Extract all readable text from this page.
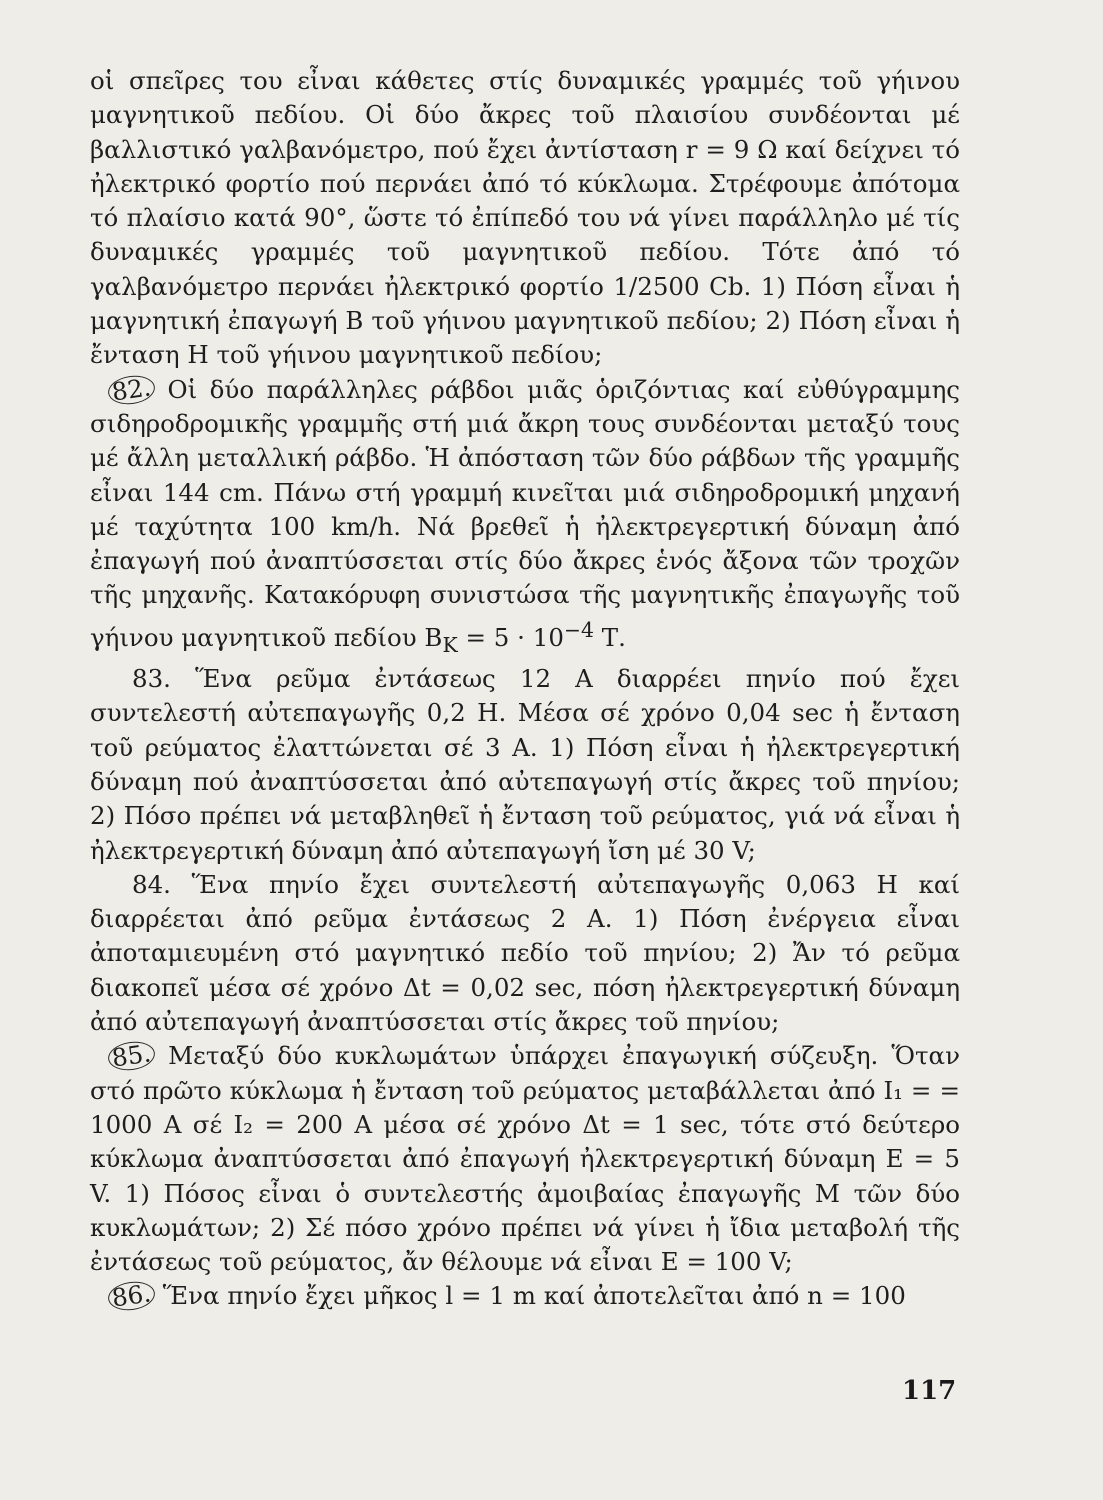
οἱ σπεῖρες του εἶναι κάθετες στίς δυναμικές γραμμές τοῦ γήινου μαγνητικοῦ πεδίου. Οἱ δύο ἄκρες τοῦ πλαισίου συνδέονται μέ βαλλιστικό γαλβανόμετρο, πού ἔχει ἀντίσταση r = 9 Ω καί δείχνει τό ἠλεκτρικό φορτίο πού περνάει ἀπό τό κύκλωμα. Στρέφουμε ἀπότομα τό πλαίσιο κατά 90°, ὥστε τό ἐπίπεδό του νά γίνει παράλληλο μέ τίς δυναμικές γραμμές τοῦ μαγνητικοῦ πεδίου. Τότε ἀπό τό γαλβανόμετρο περνάει ἠλεκτρικό φορτίο 1/2500 Cb. 1) Πόση εἶναι ἡ μαγνητική ἐπαγωγή Β τοῦ γήινου μαγνητικοῦ πεδίου; 2) Πόση εἶναι ἡ ἔνταση Η τοῦ γήινου μαγνητικοῦ πεδίου;

82. Οἱ δύο παράλληλες ράβδοι μιᾶς ὁριζόντιας καί εὐθύγραμμης σιδηροδρομικῆς γραμμῆς στή μιά ἄκρη τους συνδέονται μεταξύ τους μέ ἄλλη μεταλλική ράβδο. Ἡ ἀπόσταση τῶν δύο ράβδων τῆς γραμμῆς εἶναι 144 cm. Πάνω στή γραμμή κινεῖται μιά σιδηροδρομική μηχανή μέ ταχύτητα 100 km/h. Νά βρεθεῖ ἡ ἠλεκτρεγερτική δύναμη ἀπό ἐπαγωγή πού ἀναπτύσσεται στίς δύο ἄκρες ἑνός ἄξονα τῶν τροχῶν τῆς μηχανῆς. Κατακόρυφη συνιστώσα τῆς μαγνητικῆς ἐπαγωγῆς τοῦ γήινου μαγνητικοῦ πεδίου $B_K = 5 \cdot 10^{-4}$ Τ.

83. Ἕνα ρεῦμα ἐντάσεως 12 Α διαρρέει πηνίο πού ἔχει συντελεστή αὐτεπαγωγῆς 0,2 Η. Μέσα σέ χρόνο 0,04 sec ἡ ἔνταση τοῦ ρεύματος ἐλαττώνεται σέ 3 Α. 1) Πόση εἶναι ἡ ἠλεκτρεγερτική δύναμη πού ἀναπτύσσεται ἀπό αὐτεπαγωγή στίς ἄκρες τοῦ πηνίου; 2) Πόσο πρέπει νά μεταβληθεῖ ἡ ἔνταση τοῦ ρεύματος, γιά νά εἶναι ἡ ἠλεκτρεγερτική δύναμη ἀπό αὐτεπαγωγή ἴση μέ 30 V;

84. Ἕνα πηνίο ἔχει συντελεστή αὐτεπαγωγῆς 0,063 Η καί διαρρέεται ἀπό ρεῦμα ἐντάσεως 2 Α. 1) Πόση ἐνέργεια εἶναι ἀποταμιευμένη στό μαγνητικό πεδίο τοῦ πηνίου; 2) Ἄν τό ρεῦμα διακοπεῖ μέσα σέ χρόνο Δt = 0,02 sec, πόση ἠλεκτρεγερτική δύναμη ἀπό αὐτεπαγωγή ἀναπτύσσεται στίς ἄκρες τοῦ πηνίου;

85. Μεταξύ δύο κυκλωμάτων ὑπάρχει ἐπαγωγική σύζευξη. Ὅταν στό πρῶτο κύκλωμα ἡ ἔνταση τοῦ ρεύματος μεταβάλλεται ἀπό Ι₁ = = 1000 Α σέ Ι₂ = 200 Α μέσα σέ χρόνο Δt = 1 sec, τότε στό δεύτερο κύκλωμα ἀναπτύσσεται ἀπό ἐπαγωγή ἠλεκτρεγερτική δύναμη Ε = 5 V. 1) Πόσος εἶναι ὁ συντελεστής ἀμοιβαίας ἐπαγωγῆς Μ τῶν δύο κυκλωμάτων; 2) Σέ πόσο χρόνο πρέπει νά γίνει ἡ ἴδια μεταβολή τῆς ἐντάσεως τοῦ ρεύματος, ἄν θέλουμε νά εἶναι Ε = 100 V;

86. Ἕνα πηνίο ἔχει μῆκος l = 1 m καί ἀποτελεῖται ἀπό n = 100

117
